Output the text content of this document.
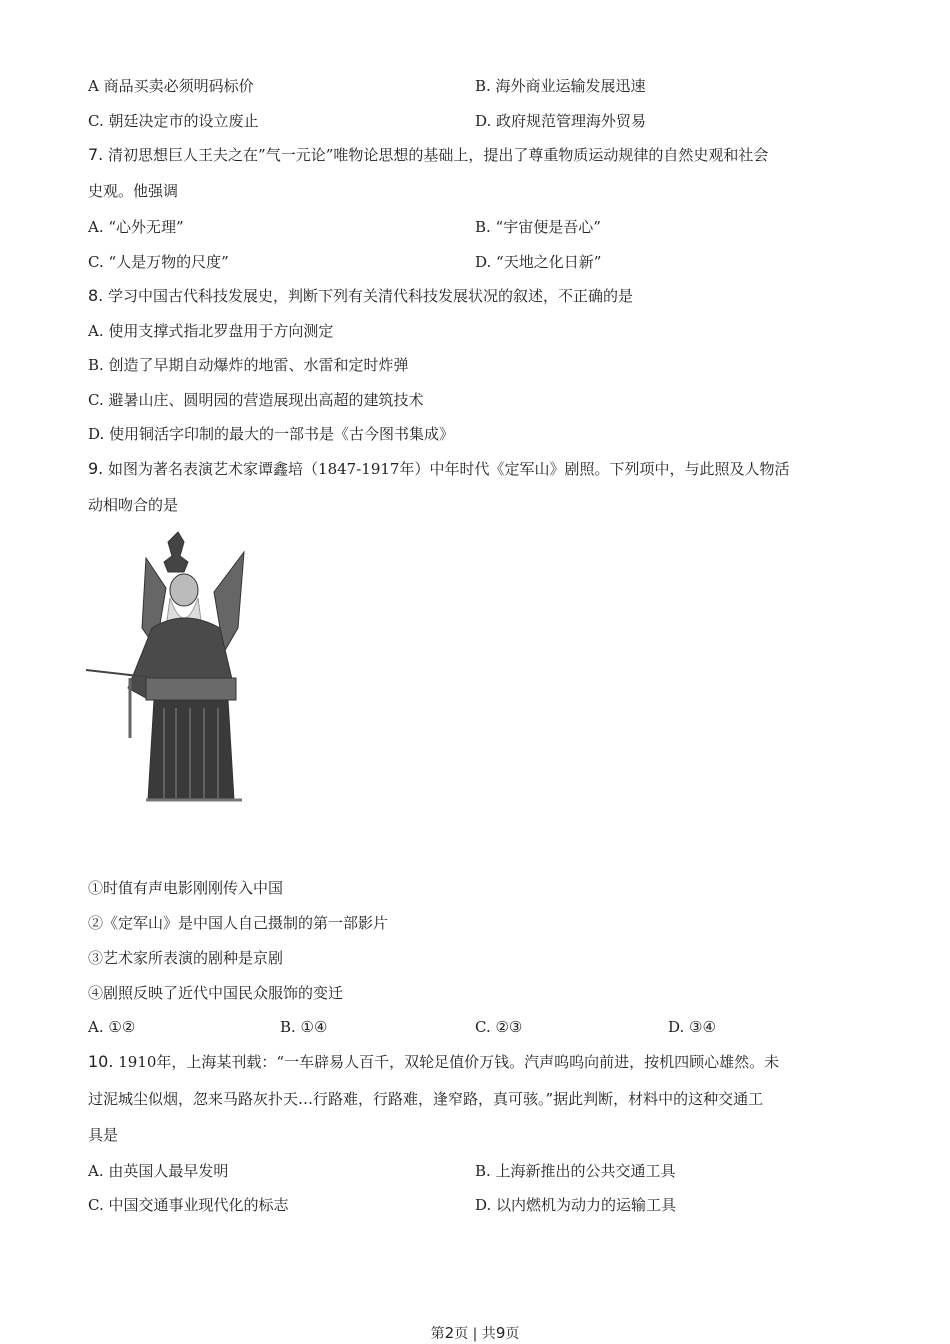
A 商品买卖必须明码标价	B. 海外商业运输发展迅速
C. 朝廷决定市的设立废止	D. 政府规范管理海外贸易
7. 清初思想巨人王夫之在”气一元论”唯物论思想的基础上，提出了尊重物质运动规律的自然史观和社会
史观。他强调
A. “心外无理”	B. “宇宙便是吾心”
C. “人是万物的尺度”	D. “天地之化日新”
8. 学习中国古代科技发展史，判断下列有关清代科技发展状况的叙述，不正确的是
A. 使用支撑式指北罗盘用于方向测定
B. 创造了早期自动爆炸的地雷、水雷和定时炸弹
C. 避暑山庄、圆明园的营造展现出高超的建筑技术
D. 使用铜活字印制的最大的一部书是《古今图书集成》
9. 如图为著名表演艺术家谭鑫培（1847-1917年）中年时代《定军山》剧照。下列项中，与此照及人物活
动相吻合的是
①时值有声电影刚刚传入中国
②《定军山》是中国人自己摄制的第一部影片
③艺术家所表演的剧种是京剧
④剧照反映了近代中国民众服饰的变迁
A. ①②	B. ①④	C. ②③	D. ③④
10. 1910年，上海某刊载：“一车辟易人百千，双轮足值价万钱。汽声呜呜向前进，按机四顾心雄然。未
过泥城尘似烟，忽来马路灰扑天…行路难，行路难，逢窄路，真可骇。”据此判断，材料中的这种交通工
具是
A. 由英国人最早发明	B. 上海新推出的公共交通工具
C. 中国交通事业现代化的标志	D. 以内燃机为动力的运输工具
第2页 | 共9页
